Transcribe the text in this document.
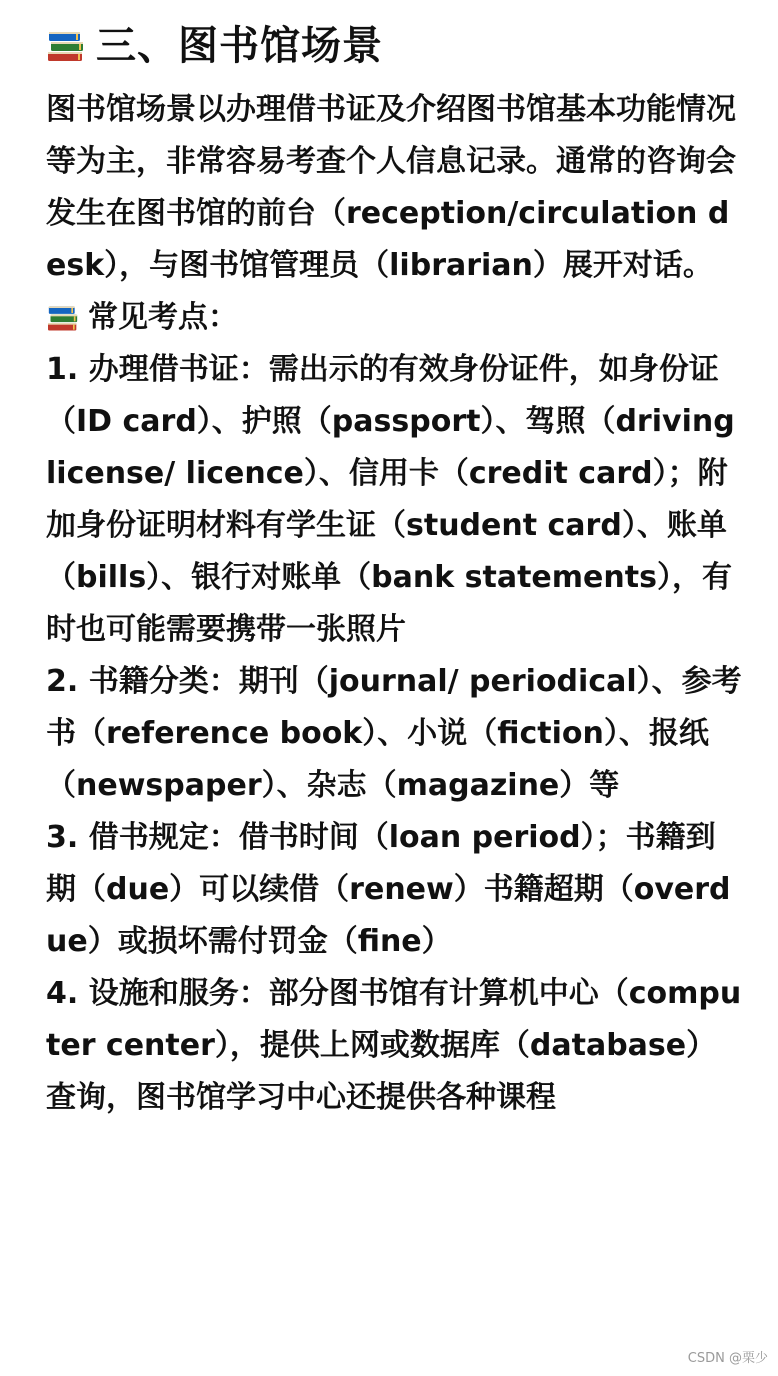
三、图书馆场景

图书馆场景以办理借书证及介绍图书馆基本功能情况等为主，非常容易考查个人信息记录。通常的咨询会发生在图书馆的前台（reception/circulation desk），与图书馆管理员（librarian）展开对话。

常见考点：

1. 办理借书证：需出示的有效身份证件，如身份证（ID card）、护照（passport）、驾照（driving license/ licence）、信用卡（credit card）；附加身份证明材料有学生证（student card）、账单（bills）、银行对账单（bank statements），有时也可能需要携带一张照片

2. 书籍分类：期刊（journal/ periodical）、参考书（reference book）、小说（fiction）、报纸（newspaper）、杂志（magazine）等

3. 借书规定：借书时间（loan period）；书籍到期（due）可以续借（renew）书籍超期（overdue）或损坏需付罚金（fine）

4. 设施和服务：部分图书馆有计算机中心（computer center），提供上网或数据库（database）查询，图书馆学习中心还提供各种课程

CSDN @栗少
